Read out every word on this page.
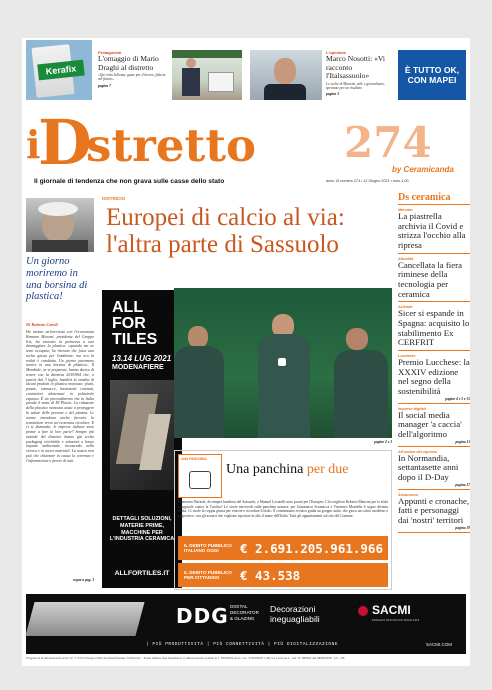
Kerafix
Protagonisti
L'omaggio di Mario Draghi al distretto
«Qui vedo bellezza, gusto per il lavoro, fiducia nel futuro»
pagina 7
L'opinione
Marco Nosotti: «Vi racconto l'Italsassuolo»
Le scelte di Mancini, stile e giornalismo, speranze per un risultato
pagina 3
È TUTTO OK,
CON MAPEI
i
D
stretto 274
by Ceramicanda
Il giornale di tendenza che non grava sulle casse dello stato	anno 13 numero 274 • 12 Giugno 2021 • euro 1,00
Un giorno moriremo in una borsina di plastica!
Di Roberto Caroli
Ho inviato un'intervista con l'economista Romano Minozzi, presidente del Gruppo Iris, ha esortato in premessa a non danneggiare la plastica: «quando me ne sono occupato, ho ritenuto che fosse una scelta giusta per l'ambiente, ma ora la realtà è cambiata. Un giorno potremmo morire in una borsina di plastica». Il Mondiale, se vi preparate, hanno deciso di tenere con la direttiva 2019/904 che, a partire dal 3 luglio, bandirà la vendita di alcuni prodotti in plastica monouso: piatti, posate, cannucce, bastoncini cotonati, contenitori alimentari in polistirolo espanso. È un provvedimento che in Italia prende il nome di Dl Plastic. La riduzione della plastica monouso aiuta a proteggere la salute delle persone e del pianeta. Le norme intendono anche favorire la transizione verso un'economia circolare. E ci si domanda: le imprese italiane sono pronte a fare la loro parte? Sempre più aziende del distretto hanno già scelto packaging riciclabile e soluzioni a basso impatto ambientale, investendo nella ricerca e in nuovi materiali. La nostra non può che chiamare in causa la coerenza e l'informazione a favore di tutti.
segue a pag. 3
DISTRICIO
Europei di calcio al via: l'altra parte di Sassuolo
ALL
FOR
TILES
13.14 LUG 2021
MODENAFIERE
DETTAGLI SOLUZIONI, MATERIE PRIME, MACCHINE PER L'INDUSTRIA CERAMICA
ALLFORTILES.IT
pagine 2 e 3
UNA PANCHINA
Una panchina per due
Domenico Berardi, da sempre bandiera del Sassuolo, e Manuel Locatelli sono pronti per l'Europeo. Chi scegliera Roberto Mancini per la sfida inaugurale contro la Turchia? Le storie neroverdi sulla panchina azzurra: per Gianmarco Scamacca e Vincenzo Montella il sogno diventa realta. Ci vuole la coppia giusta per vincere e ricordare il titolo. Il commissario tecnico guida un gruppo unito, che gioca un calcio moderno e aggressivo, con gli azzurri che vogliono riportare in alto il nome dell'Italia. Tutti gli appuntamenti sul sito del Comune.
IL DEBITO PUBBLICO ITALIANO OGGI	€ 2.691.205.961.966
IL DEBITO PUBBLICO PER CITTADINO	€ 43.538
Ds ceramica
Mercato
La piastrella archivia il Covid e strizza l'occhio alla ripresa
Attualità
Cancellata la fiera riminese della tecnologia per ceramica
Aziende
Sicer si espande in Spagna: acquisito lo stabilimento Ex CERFRIT
Lucchese
Premio Lucchese: la XXXIV edizione nel segno della sostenibilità
pagine 4 e 5 e 15
Imprese digitali
Il social media manager 'a caccia' dell'algoritmo
pagina 11
All'ombra dei cipressi
In Normandia, settantasette anni dopo il D-Day
pagina 17
Almanacco
Appunti e cronache, fatti e personaggi dai 'nostri' territori
pagina 19
DDG DIGITAL
DECORATOR
& GLAZING
Decorazioni
ineguagliabili
SACMI
ENDLESS INNOVATION SINCE 1919
| PIÙ PRODUTTIVITÀ | PIÙ CONNETTIVITÀ | PIÙ DIGITALIZZAZIONE	SACMI.COM
Programmi di abbonamento anno XI, n° 274 di Giugno 2021 del bisettimanale "Il Distretto" - Poste Italiane Spa Spedizione in abbonamento postale D.L. 353/2003 (conv. in L. 27/02/2004 n.46) art.1 comma 1 - aut. N° 080021 del 28/05/2008 - LO - CB
